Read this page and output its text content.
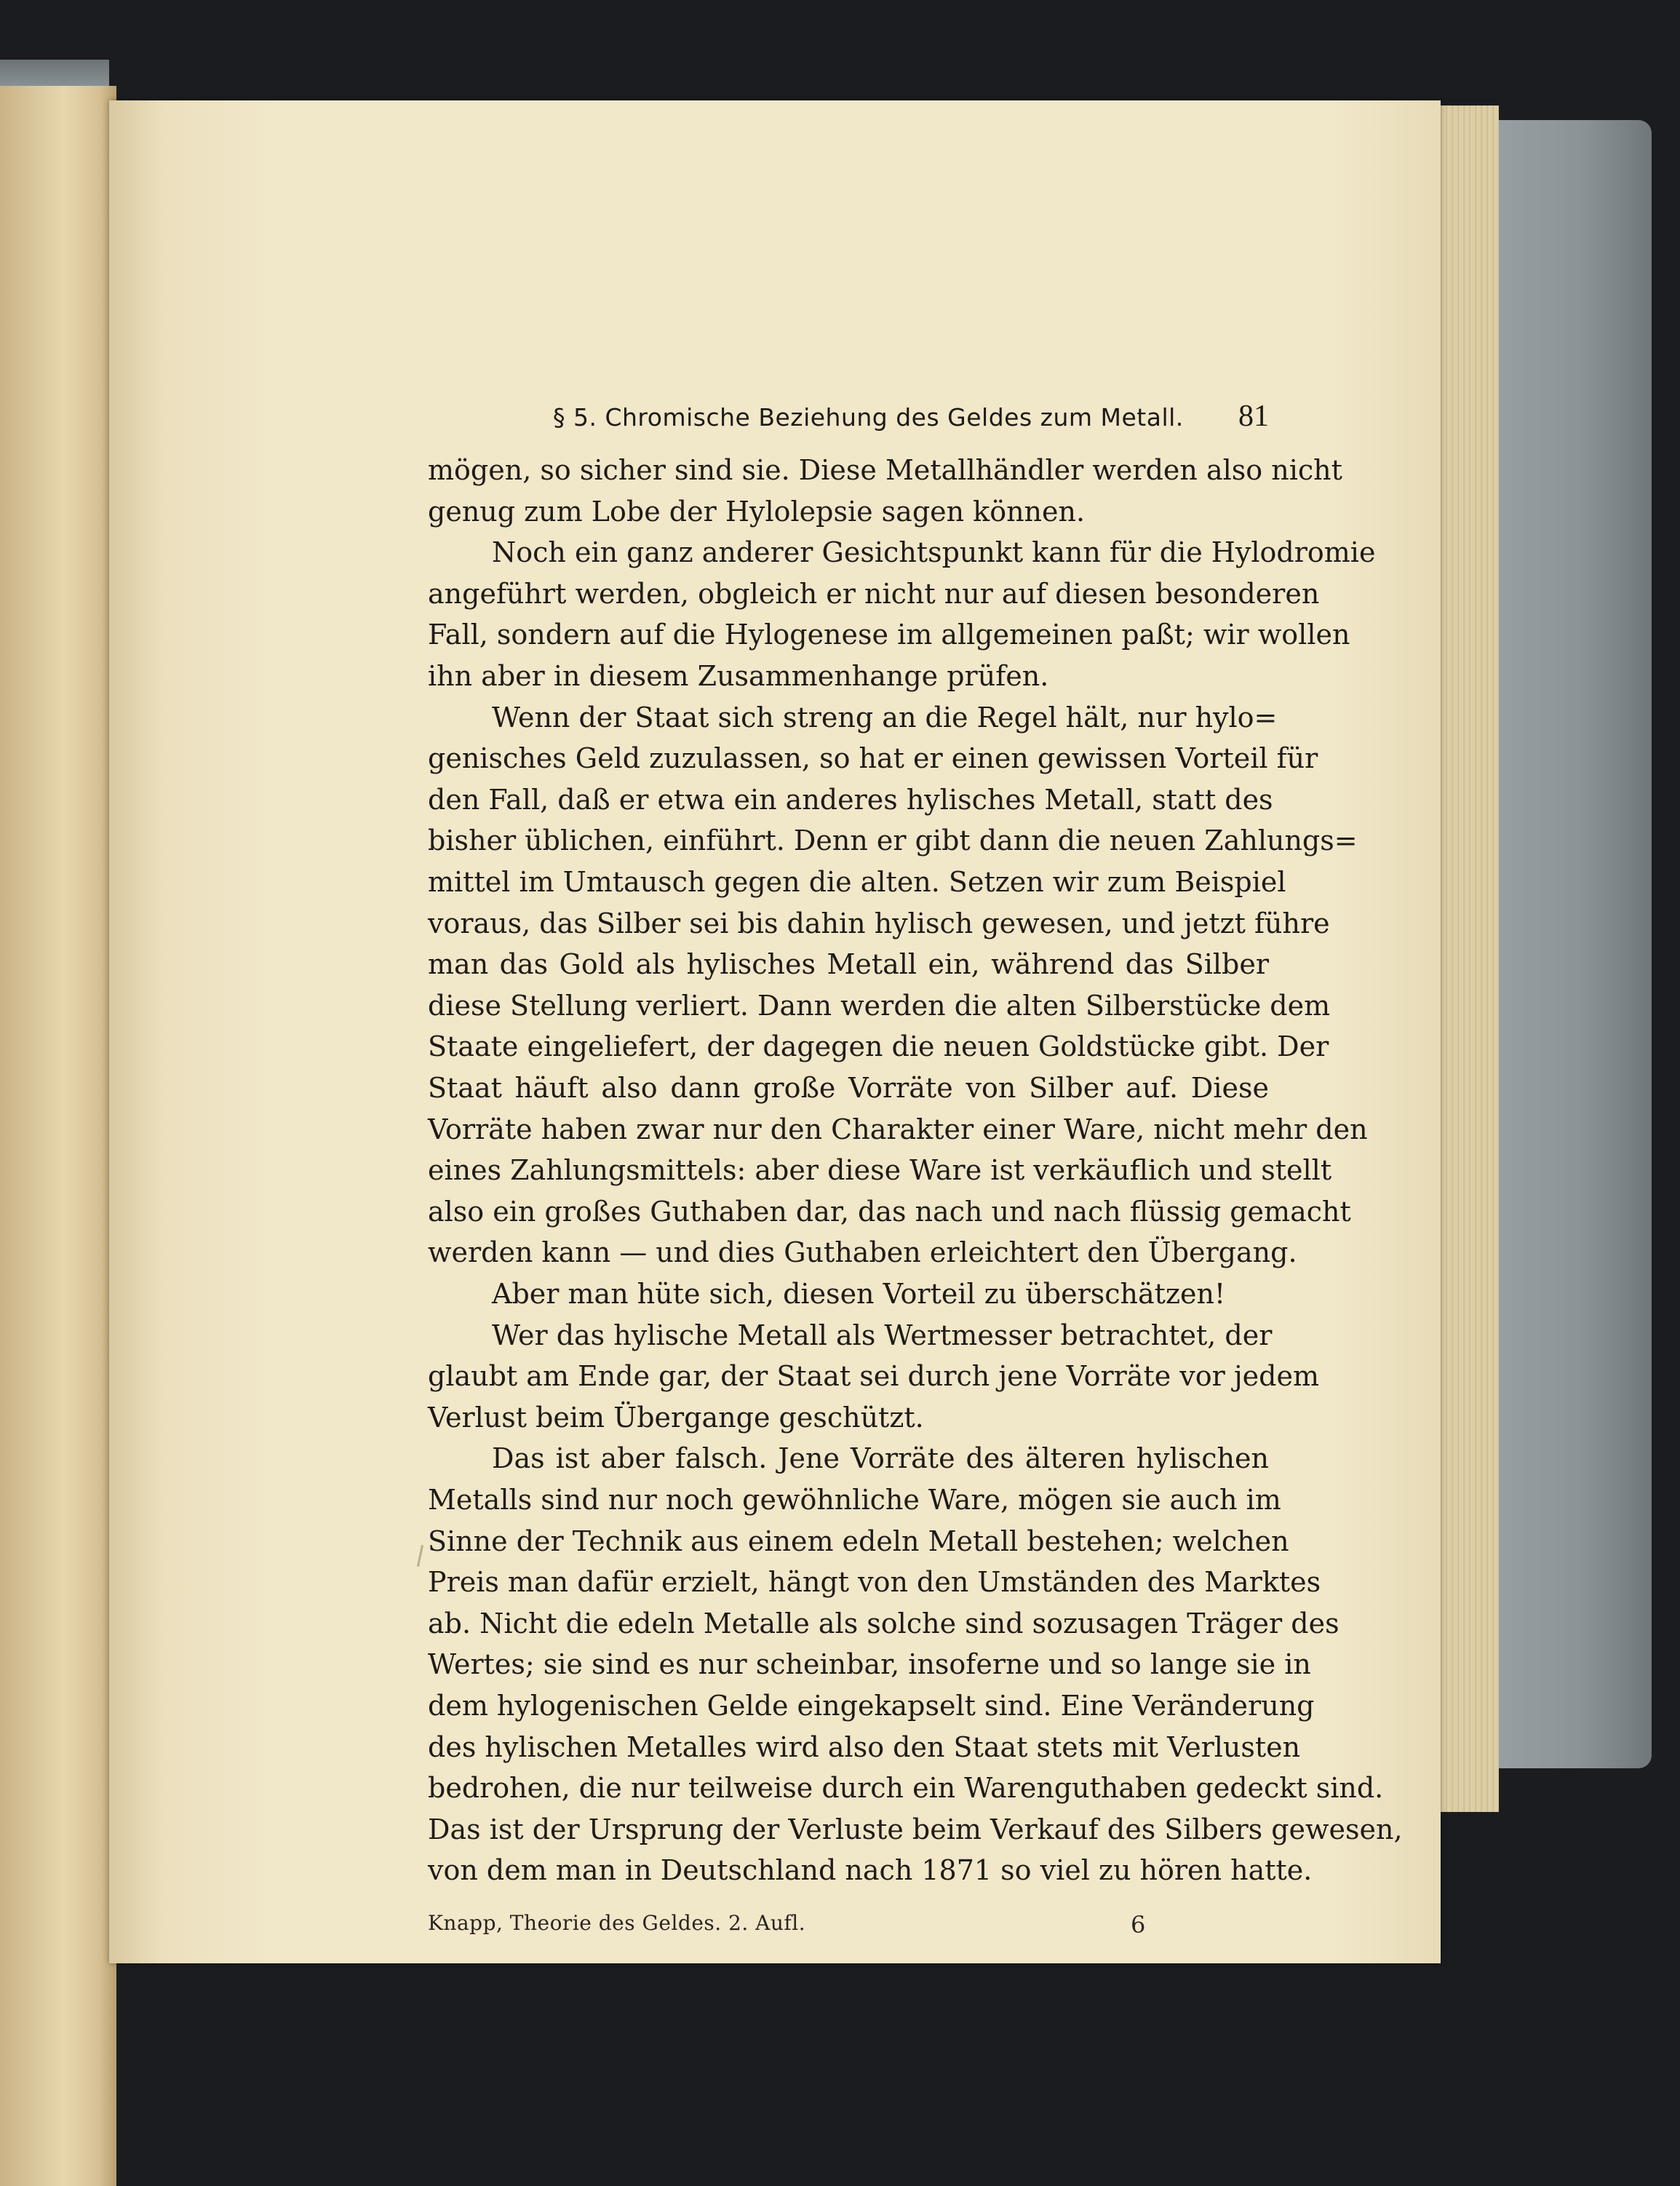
§ 5. Chromische Beziehung des Geldes zum Metall. 81
mögen, so sicher sind sie. Diese Metallhändler werden also nicht
genug zum Lobe der Hylolepsie sagen können.
Noch ein ganz anderer Gesichtspunkt kann für die Hylodromie
angeführt werden, obgleich er nicht nur auf diesen besonderen
Fall, sondern auf die Hylogenese im allgemeinen paßt; wir wollen
ihn aber in diesem Zusammenhange prüfen.
Wenn der Staat sich streng an die Regel hält, nur hylo=
genisches Geld zuzulassen, so hat er einen gewissen Vorteil für
den Fall, daß er etwa ein anderes hylisches Metall, statt des
bisher üblichen, einführt. Denn er gibt dann die neuen Zahlungs=
mittel im Umtausch gegen die alten. Setzen wir zum Beispiel
voraus, das Silber sei bis dahin hylisch gewesen, und jetzt führe
man das Gold als hylisches Metall ein, während das Silber
diese Stellung verliert. Dann werden die alten Silberstücke dem
Staate eingeliefert, der dagegen die neuen Goldstücke gibt. Der
Staat häuft also dann große Vorräte von Silber auf. Diese
Vorräte haben zwar nur den Charakter einer Ware, nicht mehr den
eines Zahlungsmittels: aber diese Ware ist verkäuflich und stellt
also ein großes Guthaben dar, das nach und nach flüssig gemacht
werden kann — und dies Guthaben erleichtert den Übergang.
Aber man hüte sich, diesen Vorteil zu überschätzen!
Wer das hylische Metall als Wertmesser betrachtet, der
glaubt am Ende gar, der Staat sei durch jene Vorräte vor jedem
Verlust beim Übergange geschützt.
Das ist aber falsch. Jene Vorräte des älteren hylischen
Metalls sind nur noch gewöhnliche Ware, mögen sie auch im
Sinne der Technik aus einem edeln Metall bestehen; welchen
Preis man dafür erzielt, hängt von den Umständen des Marktes
ab. Nicht die edeln Metalle als solche sind sozusagen Träger des
Wertes; sie sind es nur scheinbar, insoferne und so lange sie in
dem hylogenischen Gelde eingekapselt sind. Eine Veränderung
des hylischen Metalles wird also den Staat stets mit Verlusten
bedrohen, die nur teilweise durch ein Warenguthaben gedeckt sind.
Das ist der Ursprung der Verluste beim Verkauf des Silbers gewesen,
von dem man in Deutschland nach 1871 so viel zu hören hatte.
Knapp, Theorie des Geldes. 2. Aufl.	6
